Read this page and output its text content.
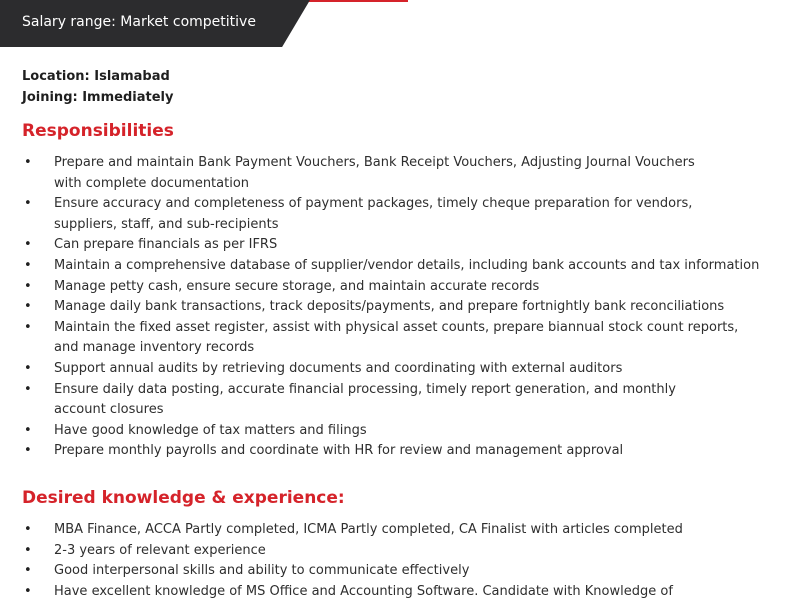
Salary range: Market competitive
Location: Islamabad
Joining: Immediately
Responsibilities
• Prepare and maintain Bank Payment Vouchers, Bank Receipt Vouchers, Adjusting Journal Vouchers
with complete documentation
• Ensure accuracy and completeness of payment packages, timely cheque preparation for vendors,
suppliers, staff, and sub-recipients
• Can prepare financials as per IFRS
• Maintain a comprehensive database of supplier/vendor details, including bank accounts and tax information
• Manage petty cash, ensure secure storage, and maintain accurate records
• Manage daily bank transactions, track deposits/payments, and prepare fortnightly bank reconciliations
• Maintain the fixed asset register, assist with physical asset counts, prepare biannual stock count reports,
and manage inventory records
• Support annual audits by retrieving documents and coordinating with external auditors
• Ensure daily data posting, accurate financial processing, timely report generation, and monthly
account closures
• Have good knowledge of tax matters and filings
• Prepare monthly payrolls and coordinate with HR for review and management approval
Desired knowledge & experience:
• MBA Finance, ACCA Partly completed, ICMA Partly completed, CA Finalist with articles completed
• 2-3 years of relevant experience
• Good interpersonal skills and ability to communicate effectively
• Have excellent knowledge of MS Office and Accounting Software. Candidate with Knowledge of
